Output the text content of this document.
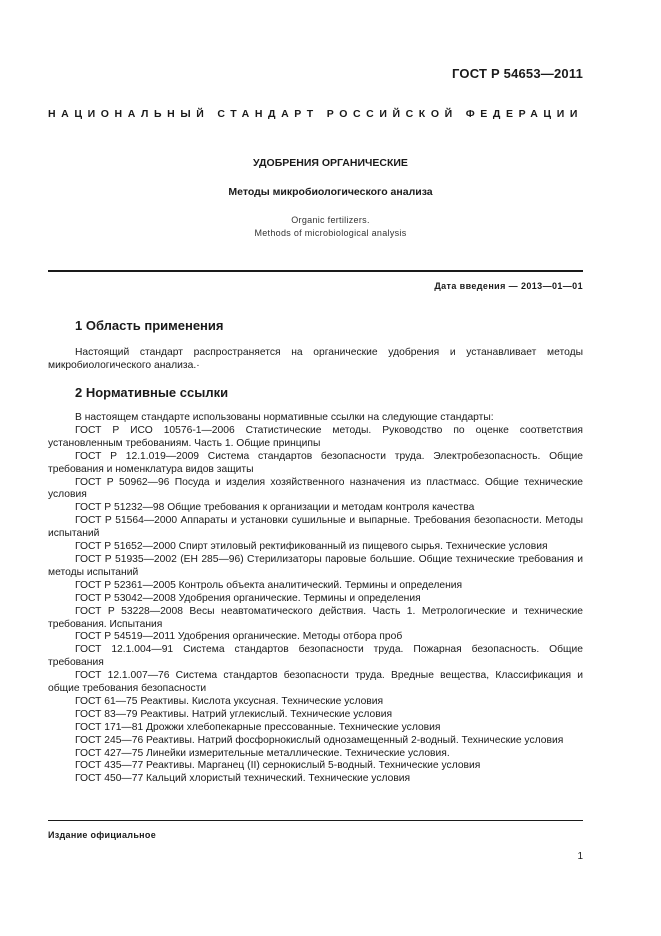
ГОСТ Р 54653—2011
НАЦИОНАЛЬНЫЙ СТАНДАРТ РОССИЙСКОЙ ФЕДЕРАЦИИ
УДОБРЕНИЯ ОРГАНИЧЕСКИЕ
Методы микробиологического анализа
Organic fertilizers.
Methods of microbiological analysis
Дата введения — 2013—01—01
1 Область применения

Настоящий стандарт распространяется на органические удобрения и устанавливает методы микробиологического анализа.·

2 Нормативные ссылки

В настоящем стандарте использованы нормативные ссылки на следующие стандарты:

ГОСТ Р ИСО 10576-1—2006 Статистические методы. Руководство по оценке соответствия установленным требованиям. Часть 1. Общие принципы

ГОСТ Р 12.1.019—2009 Система стандартов безопасности труда. Электробезопасность. Общие требования и номенклатура видов защиты

ГОСТ Р 50962—96 Посуда и изделия хозяйственного назначения из пластмасс. Общие технические условия

ГОСТ Р 51232—98 Общие требования к организации и методам контроля качества

ГОСТ Р 51564—2000 Аппараты и установки сушильные и выпарные. Требования безопасности. Методы испытаний

ГОСТ Р 51652—2000 Спирт этиловый ректификованный из пищевого сырья. Технические условия

ГОСТ Р 51935—2002 (ЕН 285—96) Стерилизаторы паровые большие. Общие технические требования и методы испытаний

ГОСТ Р 52361—2005 Контроль объекта аналитический. Термины и определения

ГОСТ Р 53042—2008 Удобрения органические. Термины и определения

ГОСТ Р 53228—2008 Весы неавтоматического действия. Часть 1. Метрологические и технические требования. Испытания

ГОСТ Р 54519—2011 Удобрения органические. Методы отбора проб

ГОСТ 12.1.004—91 Система стандартов безопасности труда. Пожарная безопасность. Общие требования

ГОСТ 12.1.007—76 Система стандартов безопасности труда. Вредные вещества, Классификация и общие требования безопасности

ГОСТ 61—75 Реактивы. Кислота уксусная. Технические условия

ГОСТ 83—79 Реактивы. Натрий углекислый. Технические условия

ГОСТ 171—81 Дрожжи хлебопекарные прессованные. Технические условия

ГОСТ 245—76 Реактивы. Натрий фосфорнокислый однозамещенный 2-водный. Технические условия

ГОСТ 427—75 Линейки измерительные металлические. Технические условия.

ГОСТ 435—77 Реактивы. Марганец (II) сернокислый 5-водный. Технические условия

ГОСТ 450—77 Кальций хлористый технический. Технические условия

Издание официальное
1
